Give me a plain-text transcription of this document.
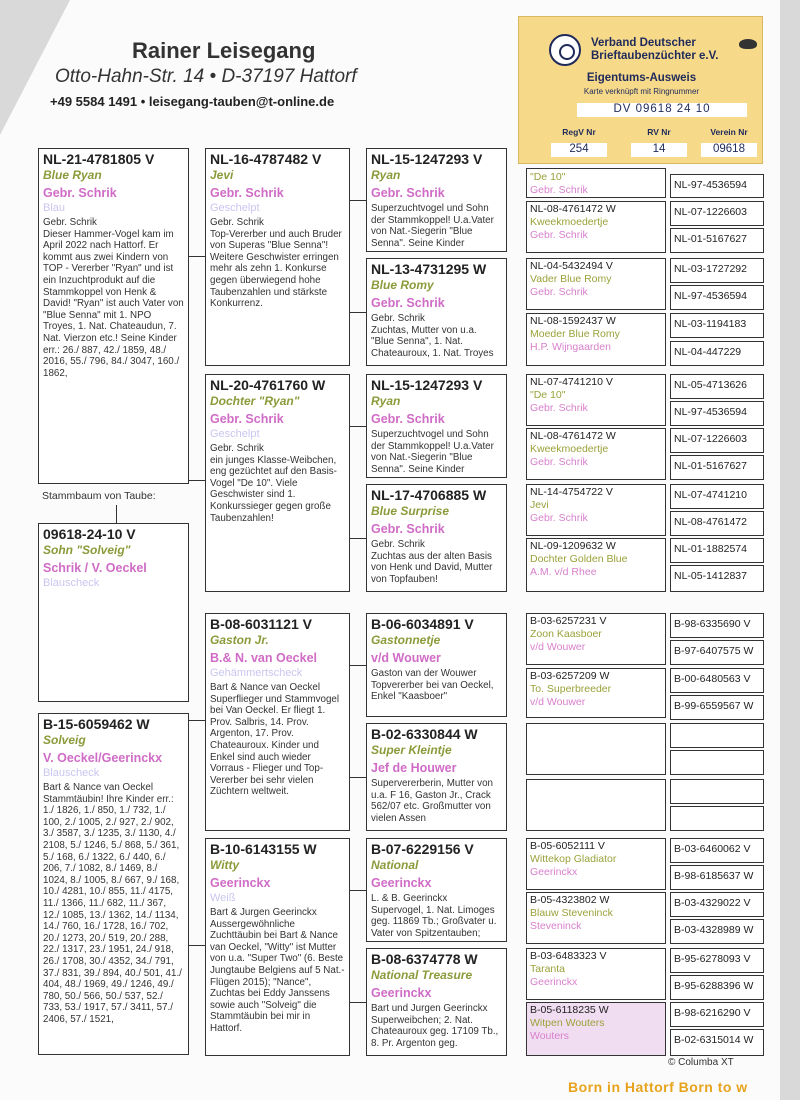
Rainer Leisegang
Otto-Hahn-Str. 14 • D-37197 Hattorf
+49 5584 1491 • leisegang-tauben@t-online.de
Verband Deutscher
Brieftaubenzüchter e.V.
Eigentums-Ausweis
Karte verknüpft mit Ringnummer
DV 09618 24 10
RegV Nr	RV Nr	Verein Nr
254	14	09618
NL-21-4781805 V
Blue Ryan
Gebr. Schrik
Blau
Gebr. Schrik
Dieser Hammer-Vogel kam im April 2022 nach Hattorf. Er kommt aus zwei Kindern von TOP - Vererber "Ryan" und ist ein Inzuchtprodukt auf die Stammkoppel von Henk & David! "Ryan" ist auch Vater von "Blue Senna" mit 1. NPO Troyes, 1. Nat. Chateaudun, 7. Nat. Vierzon etc.! Seine Kinder err.: 26./ 887, 42./ 1859, 48./ 2016, 55./ 796, 84./ 3047, 160./ 1862,
Stammbaum von Taube:
09618-24-10 V
Sohn "Solveig"
Schrik / V. Oeckel
Blauscheck
B-15-6059462 W
Solveig
V. Oeckel/Geerinckx
Blauscheck
Bart & Nance van Oeckel
Stammtäubin! Ihre Kinder err.: 1./ 1826, 1./ 850, 1./ 732, 1./ 100, 2./ 1005, 2./ 927, 2./ 902, 3./ 3587, 3./ 1235, 3./ 1130, 4./ 2108, 5./ 1246, 5./ 868, 5./ 361, 5./ 168, 6./ 1322, 6./ 440, 6./ 206, 7./ 1082, 8./ 1469, 8./ 1024, 8./ 1005, 8./ 667, 9./ 168, 10./ 4281, 10./ 855, 11./ 4175, 11./ 1366, 11./ 682, 11./ 367, 12./ 1085, 13./ 1362, 14./ 1134, 14./ 760, 16./ 1728, 16./ 702, 20./ 1273, 20./ 519, 20./ 288, 22./ 1317, 23./ 1951, 24./ 918, 26./ 1708, 30./ 4352, 34./ 791, 37./ 831, 39./ 894, 40./ 501, 41./ 404, 48./ 1969, 49./ 1246, 49./ 780, 50./ 566, 50./ 537, 52./ 733, 53./ 1917, 57./ 3411, 57./ 2406, 57./ 1521,
NL-16-4787482 V
Jevi
Gebr. Schrik
Geschelpt
Gebr. Schrik
Top-Vererber und auch Bruder von Superas "Blue Senna"! Weitere Geschwister erringen mehr als zehn 1. Konkurse gegen überwiegend hohe Taubenzahlen und stärkste Konkurrenz.
NL-20-4761760 W
Dochter "Ryan"
Gebr. Schrik
Geschelpt
Gebr. Schrik
ein junges Klasse-Weibchen, eng gezüchtet auf den Basis-Vogel "De 10". Viele Geschwister sind 1. Konkurssieger gegen große Taubenzahlen!
B-08-6031121 V
Gaston Jr.
B.& N. van Oeckel
Gehämmertscheck
Bart & Nance van Oeckel
Superflieger und Stammvogel bei Van Oeckel. Er fliegt 1. Prov. Salbris, 14. Prov. Argenton, 17. Prov. Chateauroux. Kinder und Enkel sind auch wieder Vorraus - Flieger und Top-Vererber bei sehr vielen Züchtern weltweit.
B-10-6143155 W
Witty
Geerinckx
Weiß
Bart & Jurgen Geerinckx
Aussergewöhnliche Zuchttäubin bei Bart & Nance van Oeckel, "Witty" ist Mutter von u.a. "Super Two" (6. Beste Jungtaube Belgiens auf 5 Nat.-Flügen 2015); "Nance", Zuchtas bei Eddy Janssens sowie auch "Solveig" die Stammtäubin bei mir in Hattorf.
NL-15-1247293 V
Ryan
Gebr. Schrik
Superzuchtvogel und Sohn der Stammkoppel! U.a.Vater von Nat.-Siegerin "Blue Senna". Seine Kinder
NL-13-4731295 W
Blue Romy
Gebr. Schrik
Gebr. Schrik
Zuchtas, Mutter von u.a. "Blue Senna", 1. Nat. Chateauroux, 1. Nat. Troyes
NL-15-1247293 V
Ryan
Gebr. Schrik
Superzuchtvogel und Sohn der Stammkoppel! U.a.Vater von Nat.-Siegerin "Blue Senna". Seine Kinder
NL-17-4706885 W
Blue Surprise
Gebr. Schrik
Gebr. Schrik
Zuchtas aus der alten Basis von Henk und David, Mutter von Topfauben!
B-06-6034891 V
Gastonnetje
v/d Wouwer
Gaston van der Wouwer
Topvererber bei van Oeckel, Enkel "Kaasboer"
B-02-6330844 W
Super Kleintje
Jef de Houwer
Supervererberin, Mutter von u.a. F 16, Gaston Jr., Crack 562/07 etc. Großmutter von vielen Assen
B-07-6229156 V
National
Geerinckx
L. & B. Geerinckx
Supervogel, 1. Nat. Limoges geg. 11869 Tb.; Großvater u. Vater von Spitzentauben;
B-08-6374778 W
National Treasure
Geerinckx
Bart und Jurgen Geerinckx
Superweibchen; 2. Nat. Chateauroux geg. 17109 Tb., 8. Pr. Argenton geg.
"De 10"
Gebr. Schrik
NL-08-4761472 W
Kweekmoedertje
Gebr. Schrik
NL-04-5432494 V
Vader Blue Romy
Gebr. Schrik
NL-08-1592437 W
Moeder Blue Romy
H.P. Wijngaarden
NL-07-4741210 V
"De 10"
Gebr. Schrik
NL-08-4761472 W
Kweekmoedertje
Gebr. Schrik
NL-14-4754722 V
Jevi
Gebr. Schrik
NL-09-1209632 W
Dochter Golden Blue
A.M. v/d Rhee
B-03-6257231 V
Zoon Kaasboer
v/d Wouwer
B-03-6257209 W
To. Superbreeder
v/d Wouwer
B-05-6052111 V
Wittekop Gladiator
Geerinckx
B-05-4323802 W
Blauw Steveninck
Steveninck
B-03-6483323 V
Taranta
Geerinckx
B-05-6118235 W
Witpen Wouters
Wouters
NL-97-4536594
NL-07-1226603
NL-01-5167627
NL-03-1727292
NL-97-4536594
NL-03-1194183
NL-04-447229
NL-05-4713626
NL-97-4536594
NL-07-1226603
NL-01-5167627
NL-07-4741210
NL-08-4761472
NL-01-1882574
NL-05-1412837
B-98-6335690 V
B-97-6407575 W
B-00-6480563 V
B-99-6559567 W
B-03-6460062 V
B-98-6185637 W
B-03-4329022 V
B-03-4328989 W
B-95-6278093 V
B-95-6288396 W
B-98-6216290 V
B-02-6315014 W
© Columba XT
Born in Hattorf Born to w
